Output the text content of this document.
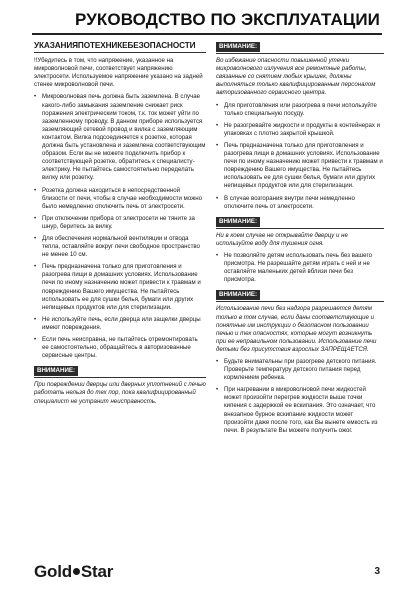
РУКОВОДСТВО ПО ЭКСПЛУАТАЦИИ
УКАЗАНИЯПОТЕХНИКЕБЕЗОПАСНОСТИ

!!Убедитесь в том, что напряжение, указанное на микроволновой печи, соответствует напряжению электросети. Используемое напряжение указано на задней стенке микроволновой печи.

• Микроволновая печь должна быть заземлена. В случае какого-либо замыкания заземление снижает риск поражения электрическим током, т.к. ток может уйти по заземленному проводу. В данном приборе используется заземляющий сетевой провод и вилка с заземляющим контактом. Вилка подсоединяется к розетке, которая должна быть установлена и заземлена соответствующим образом. Если вы не можете подключить прибор к соответствующей розетке, обратитесь к специалисту-электрику. Не пытайтесь самостоятельно переделать вилку или розетку.
• Розетка должна находиться в непосредственной близости от печи, чтобы в случае необходимости можно было немедленно отключить печь от электросети.
• При отключении прибора от электросети не тяните за шнур, беритесь за вилку.
• Для обеспечения нормальной вентиляции и отвода тепла, оставляйте вокруг печи свободное пространство не менее 10 см.
• Печь предназначена только для приготовления и разогрева пищи в домашних условиях. Использование печи по иному назначению может привести к травмам и повреждению Вашего имущества. Не пытайтесь использовать ее для сушки белья, бумаги или других непищевых продуктов или для стерилизации.
• Не используйте печь, если дверца или защелки дверцы имеют повреждения.
• Если печь неисправна, не пытайтесь отремонтировать ее самостоятельно, обращайтесь в авторизованные сервисные центры.
ВНИМАНИЕ:

При повреждении дверцы или дверных уплотнений с печью работать нельзя до тех пор, пока квалифицированный специалист не устранит неисправность.

ВНИМАНИЕ:

Во избежание опасности повышенной утечки микроволнового излучения все ремонтные работы, связанные со снятием любых крышек, должны выполняться только квалифицированным персоналом авторизованного сервисного центра.

• Для приготовления или разогрева в печи используйте только специальную посуду.
• Не разогревайте жидкости и продукты в контейнерах и упаковках с плотно закрытой крышкой.
• Печь предназначена только для приготовления и разогрева пищи в домашних условиях. Использование печи по иному назначению может привести к травмам и повреждению Вашего имущества. Не пытайтесь использовать ее для сушки белья, бумаги или других непищевых продуктов или для стерилизации.
• В случае возгорания внутри печи немедленно отключите печь от электросети.
ВНИМАНИЕ:

Ни в коем случае не открывайте дверцу и не используйте воду для тушения огня.

• Не позволяйте детям использовать печь без вашего присмотра. Не разрешайте детям играть с ней и не оставляйте маленьких детей вблизи печи без присмотра.
ВНИМАНИЕ:

Использование печи без надзора разрешается детям только в том случае, если даны соответствующие и понятные им инструкции о безопасном пользовании печью и тех опасностях, которые могут возникнуть при ее неправильном пользовании. Использование печи детьми без присутствия взрослых ЗАПРЕЩАЕТСЯ.

• Будьте внимательны при разогреве детского питания. Проверьте температуру детского питания перед кормлением ребенка.
• При нагревании в микроволновой печи жидкостей может произойти перегрев жидкости выше точки кипения с задержкой ее вскипания. Это означает, что внезапное бурное вскипание жидкости может произойти даже после того, как Вы вынете емкость из печи. В результате Вы можете получить ожог.
Gold Star	3
